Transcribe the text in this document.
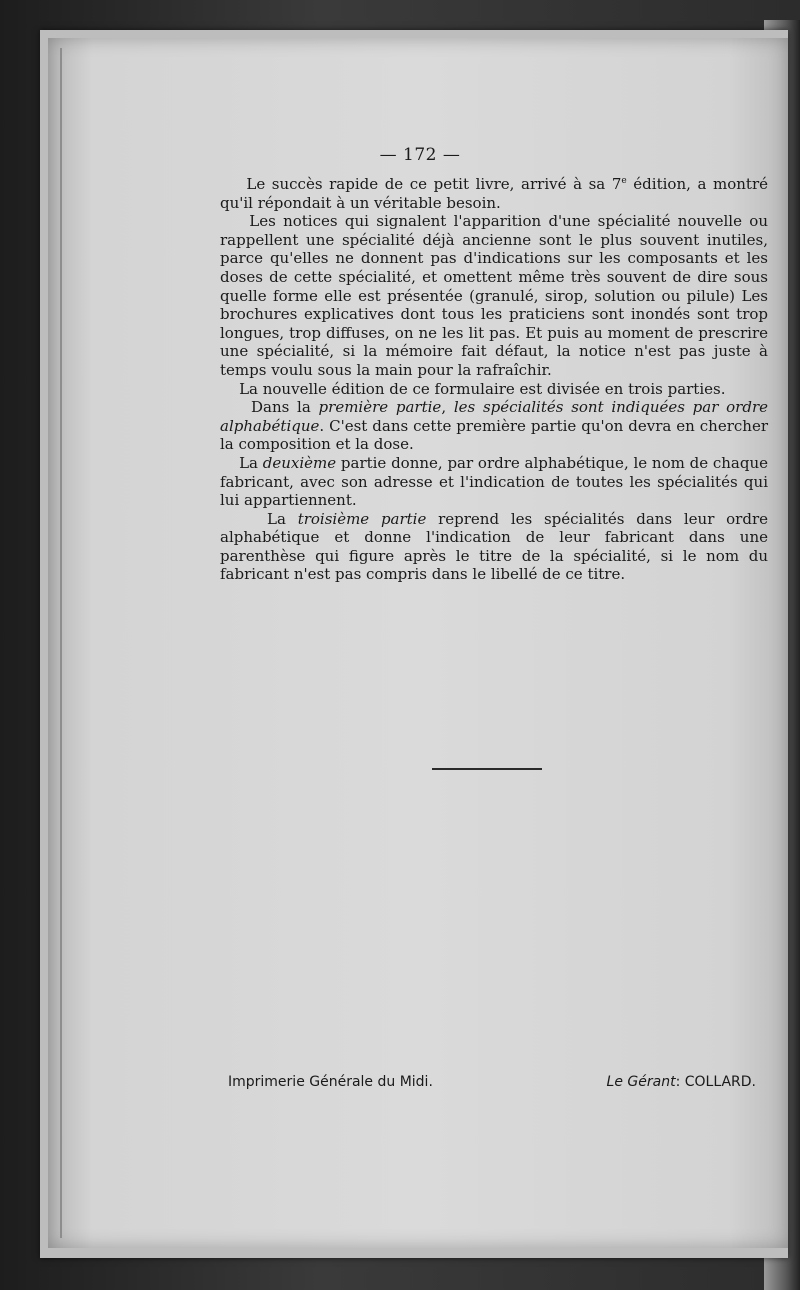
— 172 —

Le succès rapide de ce petit livre, arrivé à sa 7e édition, a montré qu'il répondait à un véritable besoin.

Les notices qui signalent l'apparition d'une spécialité nouvelle ou rappellent une spécialité déjà ancienne sont le plus souvent inutiles, parce qu'elles ne donnent pas d'indications sur les composants et les doses de cette spécialité, et omettent même très souvent de dire sous quelle forme elle est présentée (granulé, sirop, solution ou pilule) Les brochures explicatives dont tous les praticiens sont inondés sont trop longues, trop diffuses, on ne les lit pas. Et puis au moment de prescrire une spécialité, si la mémoire fait défaut, la notice n'est pas juste à temps voulu sous la main pour la rafraîchir.

La nouvelle édition de ce formulaire est divisée en trois parties.

Dans la première partie, les spécialités sont indiquées par ordre alphabétique. C'est dans cette première partie qu'on devra en chercher la composition et la dose.

La deuxième partie donne, par ordre alphabétique, le nom de chaque fabricant, avec son adresse et l'indication de toutes les spécialités qui lui appartiennent.

La troisième partie reprend les spécialités dans leur ordre alphabétique et donne l'indication de leur fabricant dans une parenthèse qui figure après le titre de la spécialité, si le nom du fabricant n'est pas compris dans le libellé de ce titre.

Imprimerie Générale du Midi.	Le Gérant: COLLARD.
